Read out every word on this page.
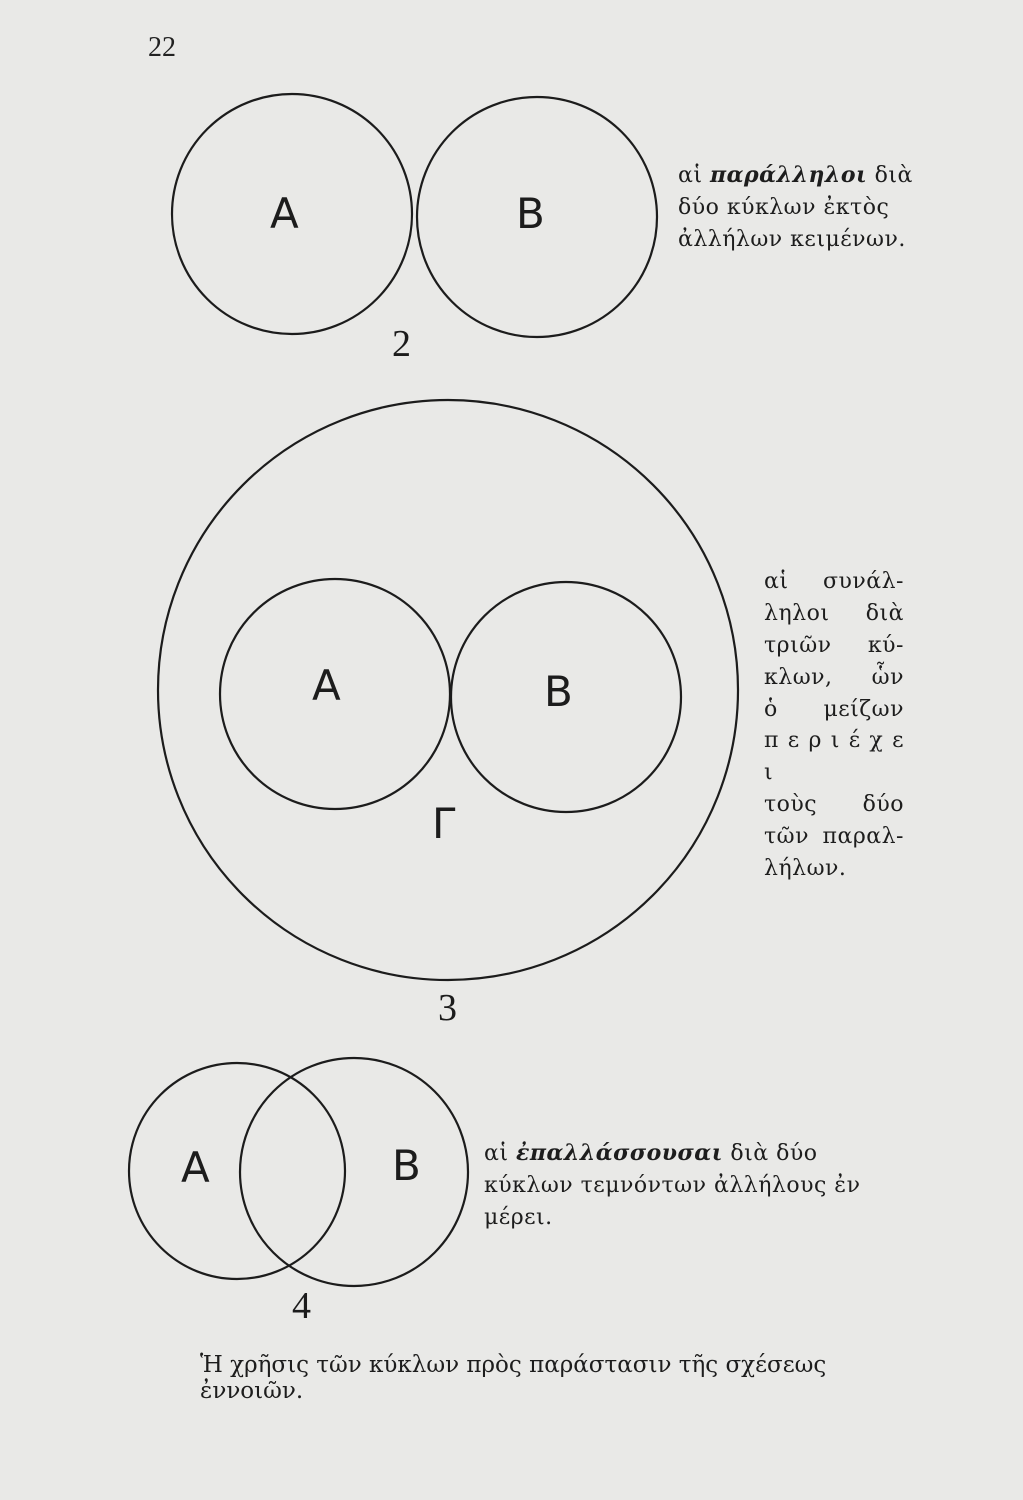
22
Α	Β
2
Α	Β
Γ
3
Α	Β
4
αἱ παράλληλοι διὰ δύο κύκλων ἐκτὸς ἀλλήλων κειμένων.
αἱ συνάλ-
ληλοι διὰ
τριῶν κύ-
κλων, ὧν
ὁ μείζων
π ε ρ ι έ χ ε ι
τοὺς δύο
τῶν παραλ-
λήλων.
αἱ ἐπαλλάσσουσαι διὰ δύο κύκλων τεμνόντων ἀλλήλους ἐν μέρει.
Ἡ χρῆσις τῶν κύκλων πρὸς παράστασιν τῆς σχέσεως ἐννοιῶν.
